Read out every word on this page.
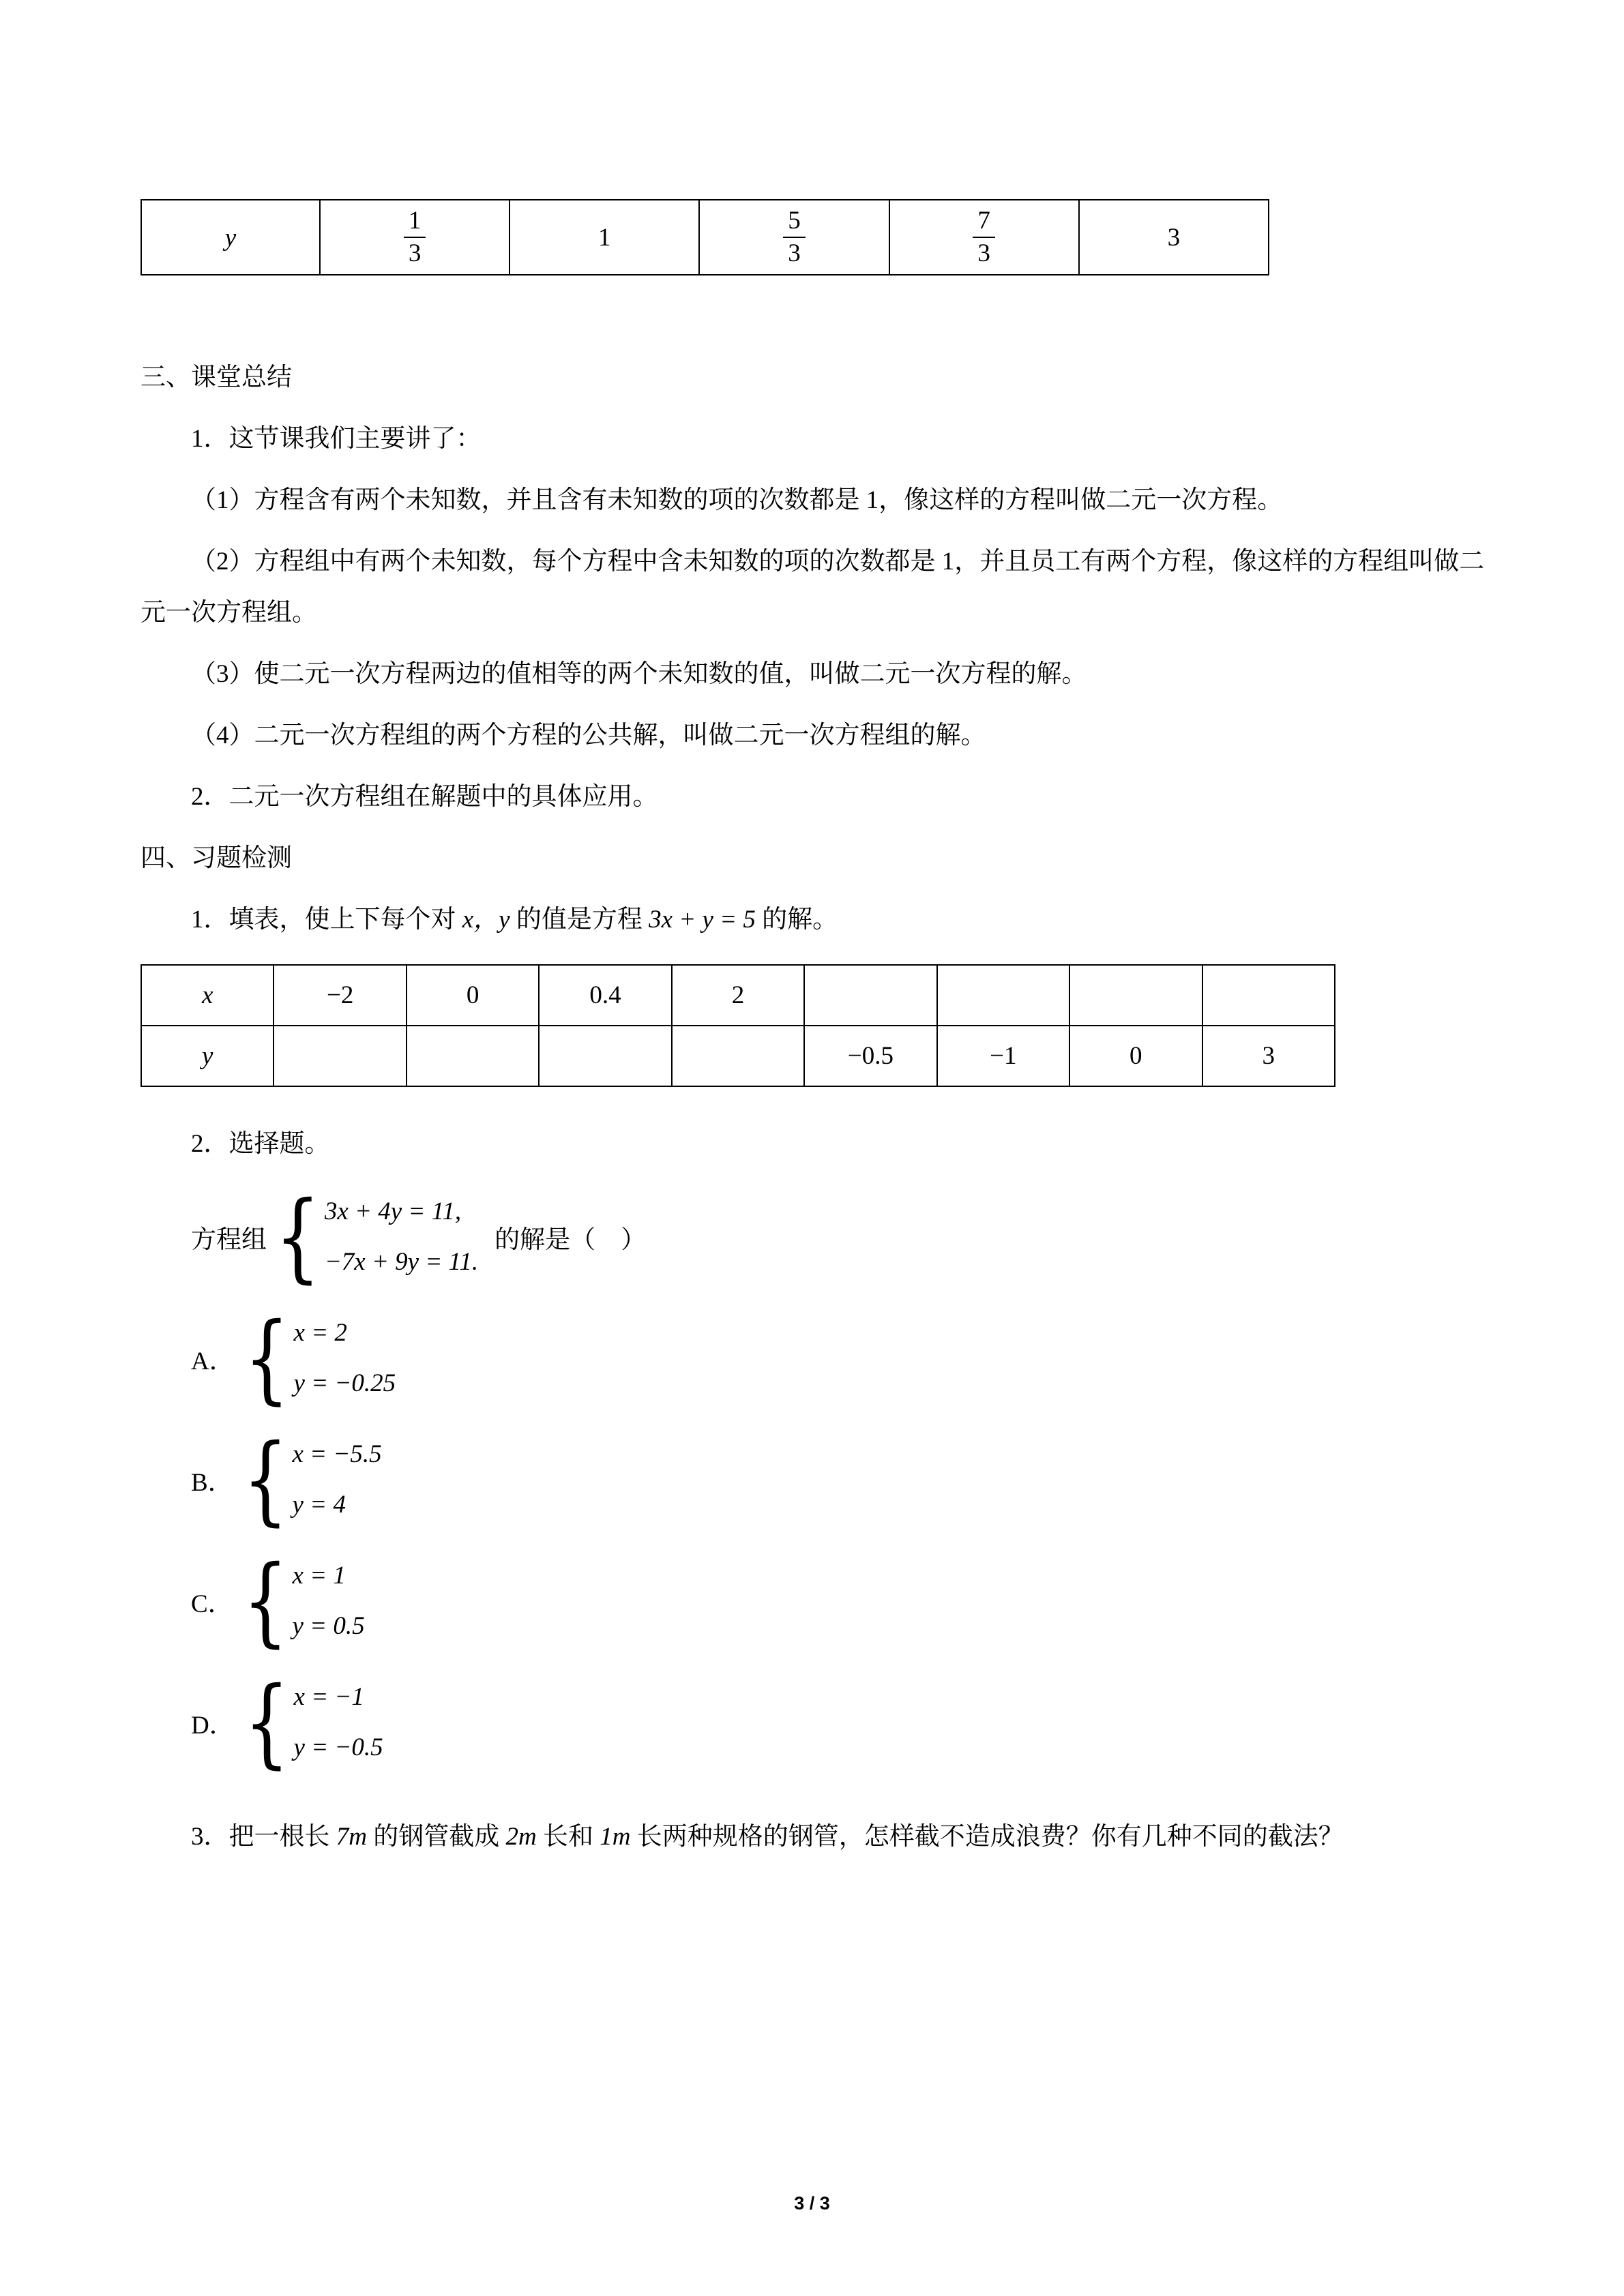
y	$\frac{1}{3}$	1	$\frac{5}{3}$	$\frac{7}{3}$	3
三、课堂总结

1．这节课我们主要讲了：

（1）方程含有两个未知数，并且含有未知数的项的次数都是 1，像这样的方程叫做二元一次方程。

（2）方程组中有两个未知数，每个方程中含未知数的项的次数都是 1，并且员工有两个方程，像这样的方程组叫做二元一次方程组。

（3）使二元一次方程两边的值相等的两个未知数的值，叫做二元一次方程的解。

（4）二元一次方程组的两个方程的公共解，叫做二元一次方程组的解。

2．二元一次方程组在解题中的具体应用。

四、习题检测

1．填表，使上下每个对 x，y 的值是方程 3x + y = 5 的解。

x	−2	0	0.4	2				
y					−0.5	−1	0	3

2．选择题。

方程组 { 3x + 4y = 11,
−7x + 9y = 11.
的解是（　）
A． { x = 2
y = −0.25
B． { x = −5.5
y = 4
C． { x = 1
y = 0.5
D． { x = −1
y = −0.5

3．把一根长 7m 的钢管截成 2m 长和 1m 长两种规格的钢管，怎样截不造成浪费？你有几种不同的截法？

3 / 3
